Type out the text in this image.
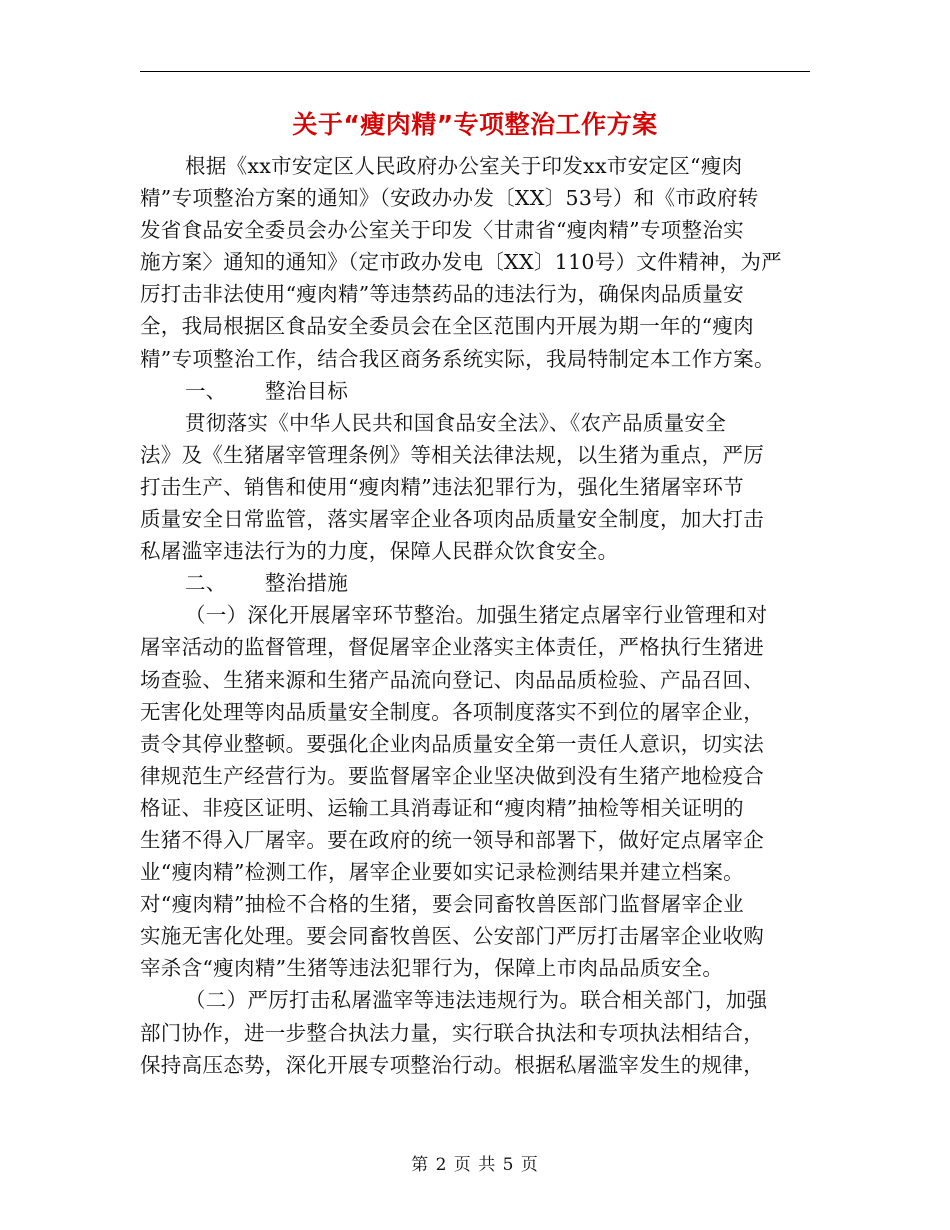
关于“瘦肉精”专项整治工作方案
根据《xx市安定区人民政府办公室关于印发xx市安定区“瘦肉
精”专项整治方案的通知》（安政办办发〔XX〕53号）和《市政府转
发省食品安全委员会办公室关于印发〈甘肃省“瘦肉精”专项整治实
施方案〉通知的通知》（定市政办发电〔XX〕110号）文件精神，为严
厉打击非法使用“瘦肉精”等违禁药品的违法行为，确保肉品质量安
全，我局根据区食品安全委员会在全区范围内开展为期一年的“瘦肉
精”专项整治工作，结合我区商务系统实际，我局特制定本工作方案。
一、 整治目标
贯彻落实《中华人民共和国食品安全法》、《农产品质量安全
法》及《生猪屠宰管理条例》等相关法律法规，以生猪为重点，严厉
打击生产、销售和使用“瘦肉精”违法犯罪行为，强化生猪屠宰环节
质量安全日常监管，落实屠宰企业各项肉品质量安全制度，加大打击
私屠滥宰违法行为的力度，保障人民群众饮食安全。
二、 整治措施
（一）深化开展屠宰环节整治。加强生猪定点屠宰行业管理和对
屠宰活动的监督管理，督促屠宰企业落实主体责任，严格执行生猪进
场查验、生猪来源和生猪产品流向登记、肉品品质检验、产品召回、
无害化处理等肉品质量安全制度。各项制度落实不到位的屠宰企业，
责令其停业整顿。要强化企业肉品质量安全第一责任人意识，切实法
律规范生产经营行为。要监督屠宰企业坚决做到没有生猪产地检疫合
格证、非疫区证明、运输工具消毒证和“瘦肉精”抽检等相关证明的
生猪不得入厂屠宰。要在政府的统一领导和部署下，做好定点屠宰企
业“瘦肉精”检测工作，屠宰企业要如实记录检测结果并建立档案。
对“瘦肉精”抽检不合格的生猪，要会同畜牧兽医部门监督屠宰企业
实施无害化处理。要会同畜牧兽医、公安部门严厉打击屠宰企业收购
宰杀含“瘦肉精”生猪等违法犯罪行为，保障上市肉品品质安全。
（二）严厉打击私屠滥宰等违法违规行为。联合相关部门，加强
部门协作，进一步整合执法力量，实行联合执法和专项执法相结合，
保持高压态势，深化开展专项整治行动。根据私屠滥宰发生的规律，
第 2 页 共 5 页
